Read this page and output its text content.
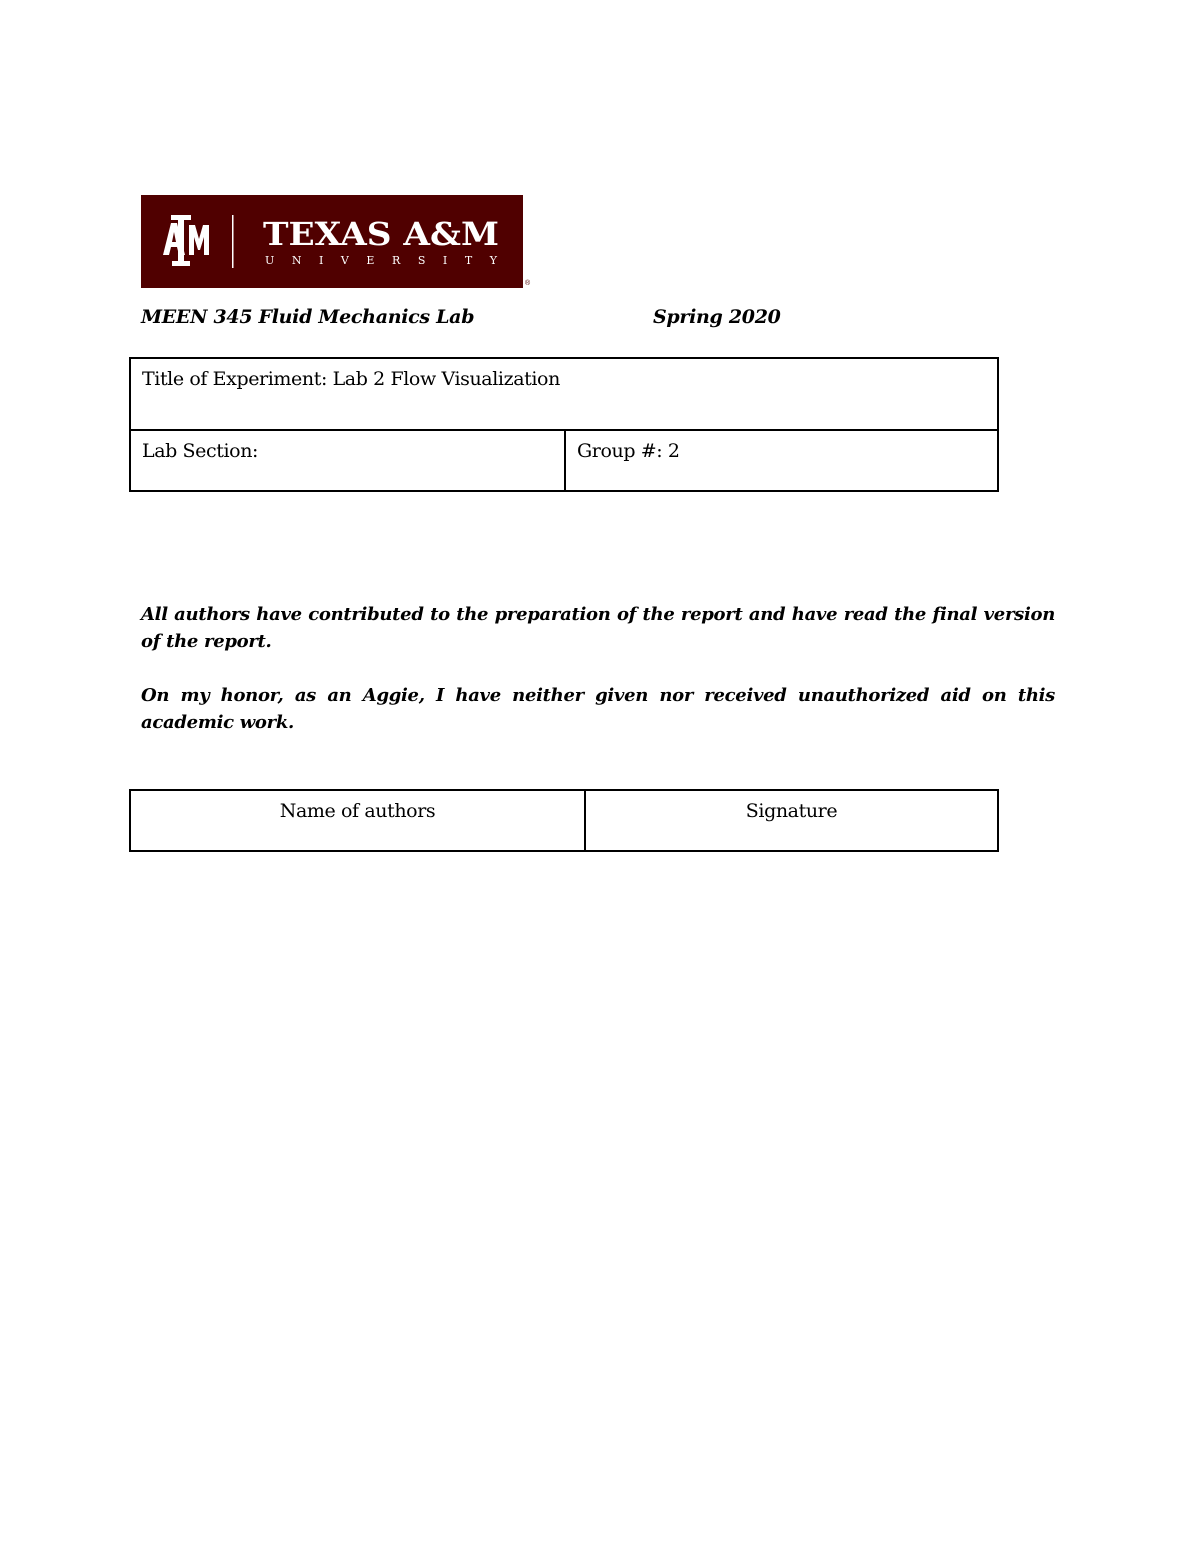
TEXAS A&M
UNIVERSITY
®
MEEN 345 Fluid Mechanics Lab	Spring 2020
Title of Experiment: Lab 2 Flow Visualization
Lab Section:	Group #: 2
All authors have contributed to the preparation of the report and have read the final version of the report.
On my honor, as an Aggie, I have neither given nor received unauthorized aid on this academic work.
Name of authors	Signature
